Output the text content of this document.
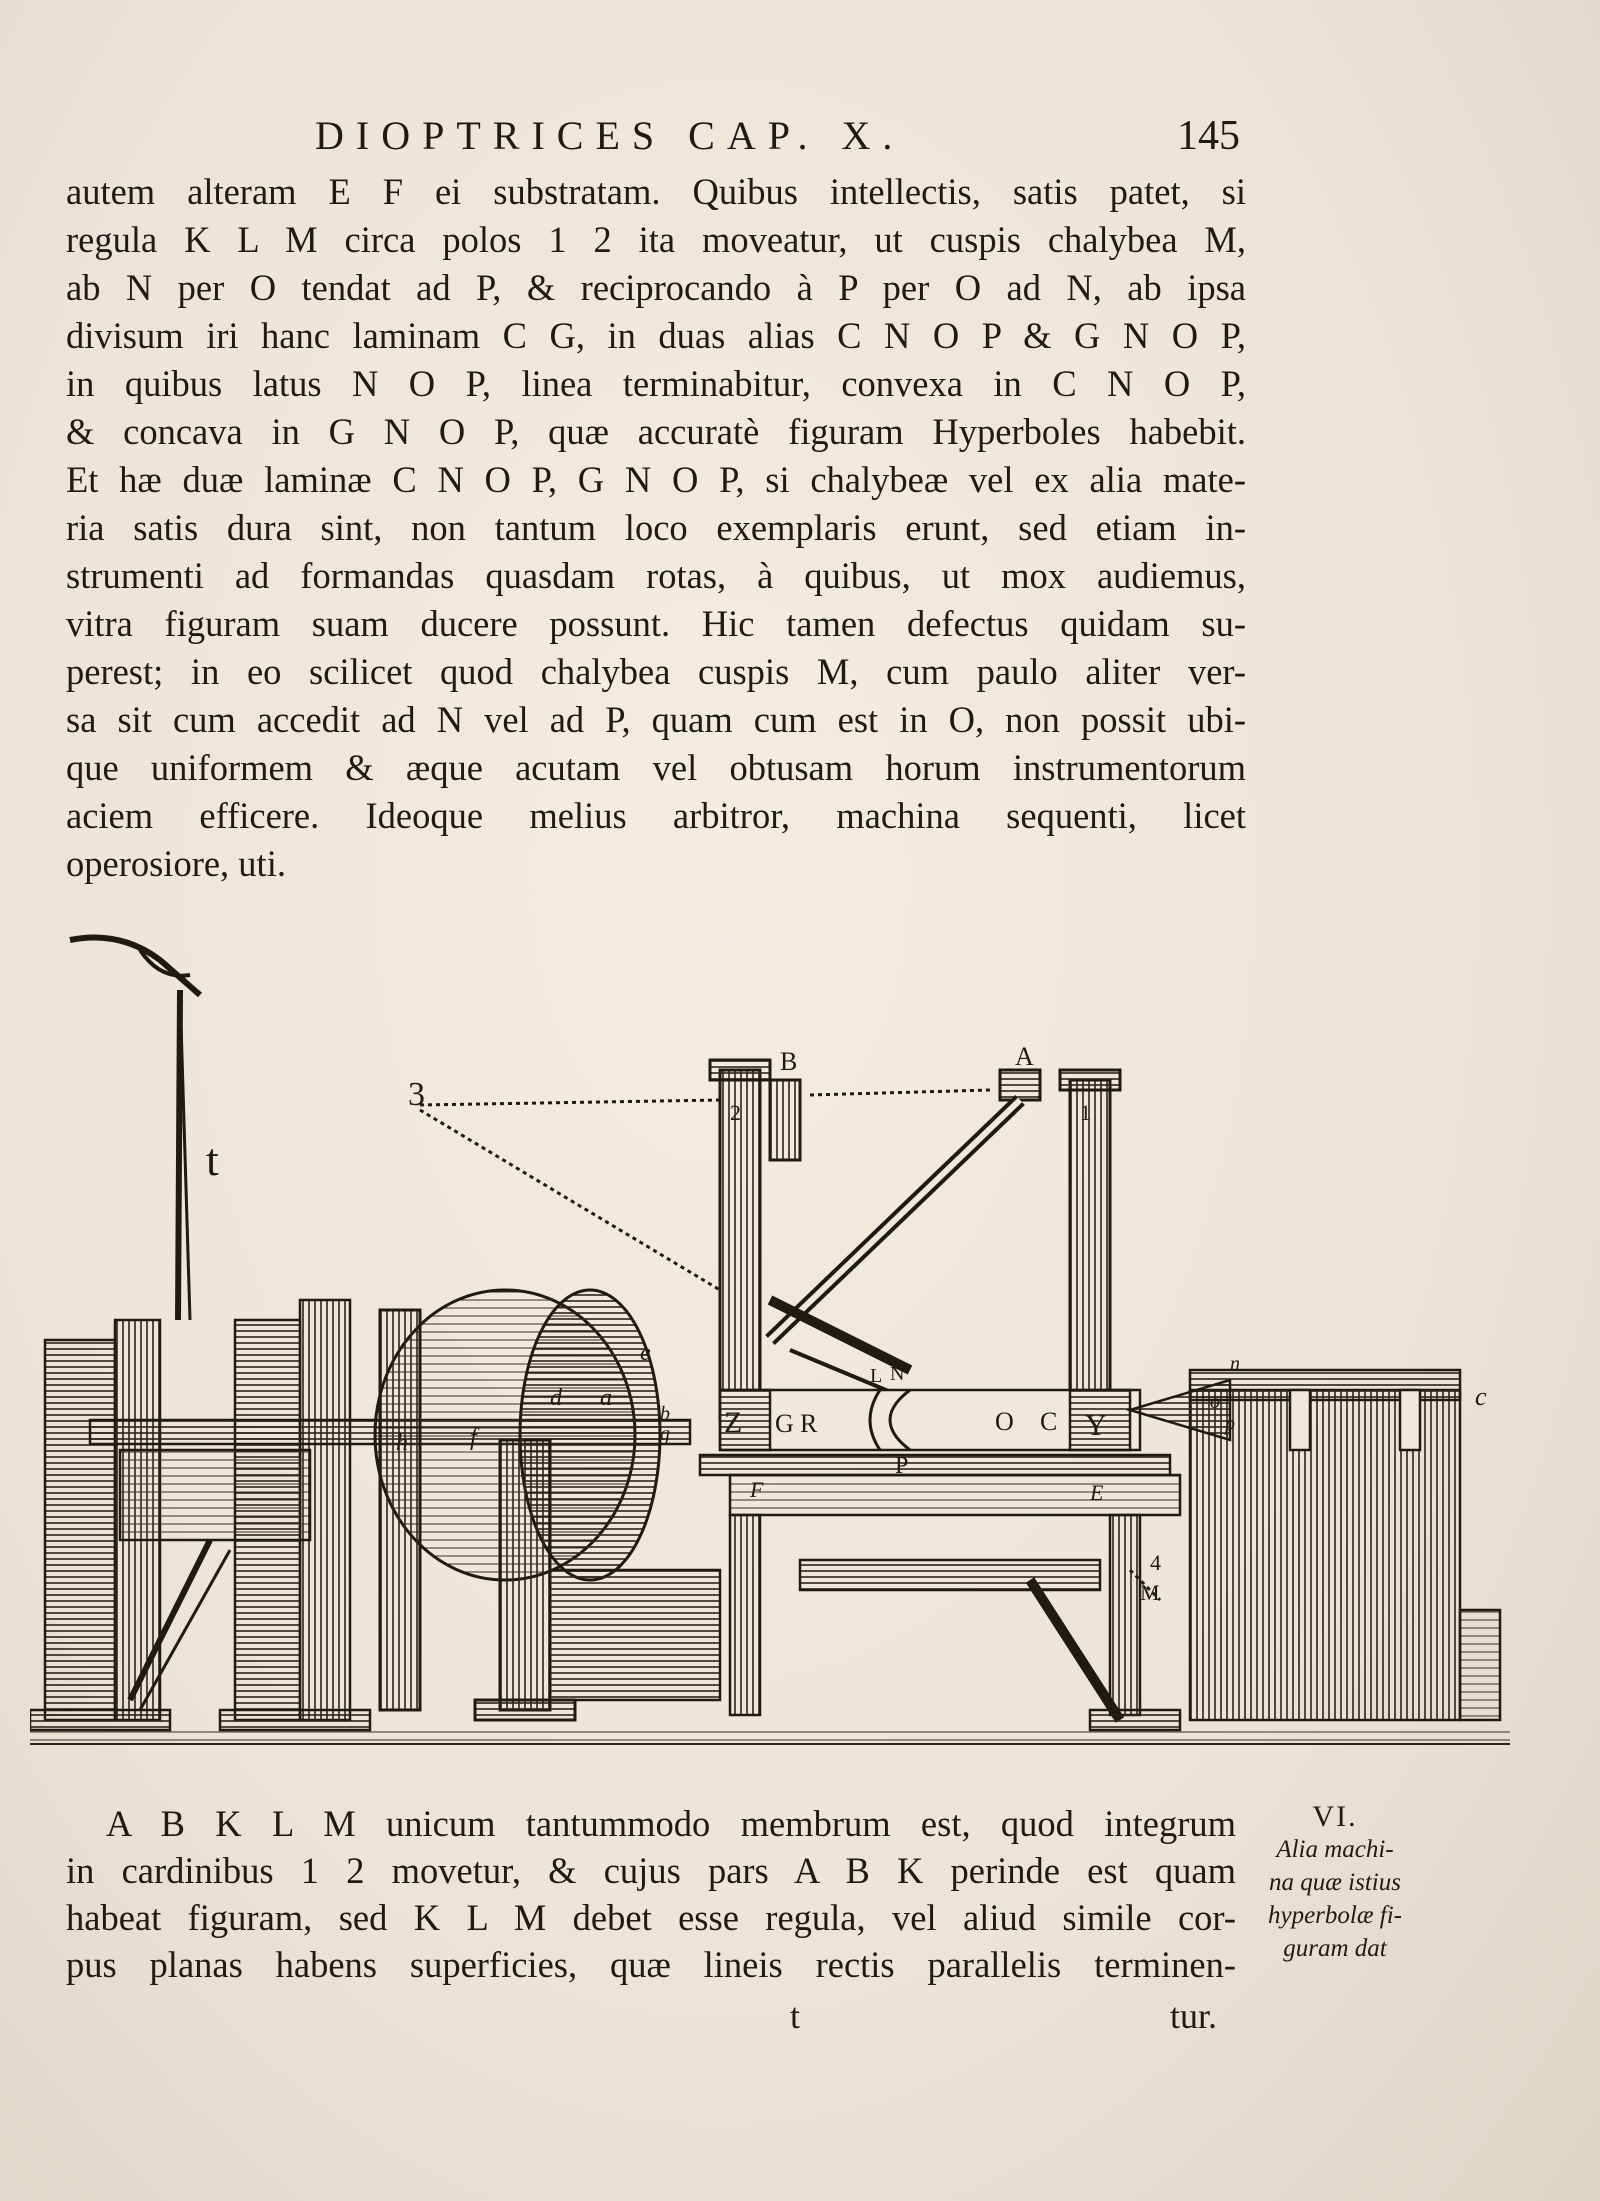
DIOPTRICES CAP. X.	145
autem alteram E F ei substratam. Quibus intellectis, satis patet, si
regula K L M circa polos 1 2 ita moveatur, ut cuspis chalybea M,
ab N per O tendat ad P, & reciprocando à P per O ad N, ab ipsa
divisum iri hanc laminam C G, in duas alias C N O P & G N O P,
in quibus latus N O P, linea terminabitur, convexa in C N O P,
& concava in G N O P, quæ accuratè figuram Hyperboles habebit.
Et hæ duæ laminæ C N O P, G N O P, si chalybeæ vel ex alia mate-
ria satis dura sint, non tantum loco exemplaris erunt, sed etiam in-
strumenti ad formandas quasdam rotas, à quibus, ut mox audiemus,
vitra figuram suam ducere possunt. Hic tamen defectus quidam su-
perest; in eo scilicet quod chalybea cuspis M, cum paulo aliter ver-
sa sit cum accedit ad N vel ad P, quam cum est in O, non possit ubi-
que uniformem & æque acutam vel obtusam horum instrumentorum
aciem efficere. Ideoque melius arbitror, machina sequenti, licet
operosiore, uti.
3
t
B	A
1
2
Z G R	O C Y
N
L
P
F	E
4
M
a
d
e
f
h
b
g
o
p
n
c
A B K L M unicum tantummodo membrum est, quod integrum
in cardinibus 1 2 movetur, & cujus pars A B K perinde est quam
habeat figuram, sed K L M debet esse regula, vel aliud simile cor-
pus planas habens superficies, quæ lineis rectis parallelis terminen-
t	tur.
VI.
Alia machi-
na quæ istius
hyperbolæ fi-
guram dat
